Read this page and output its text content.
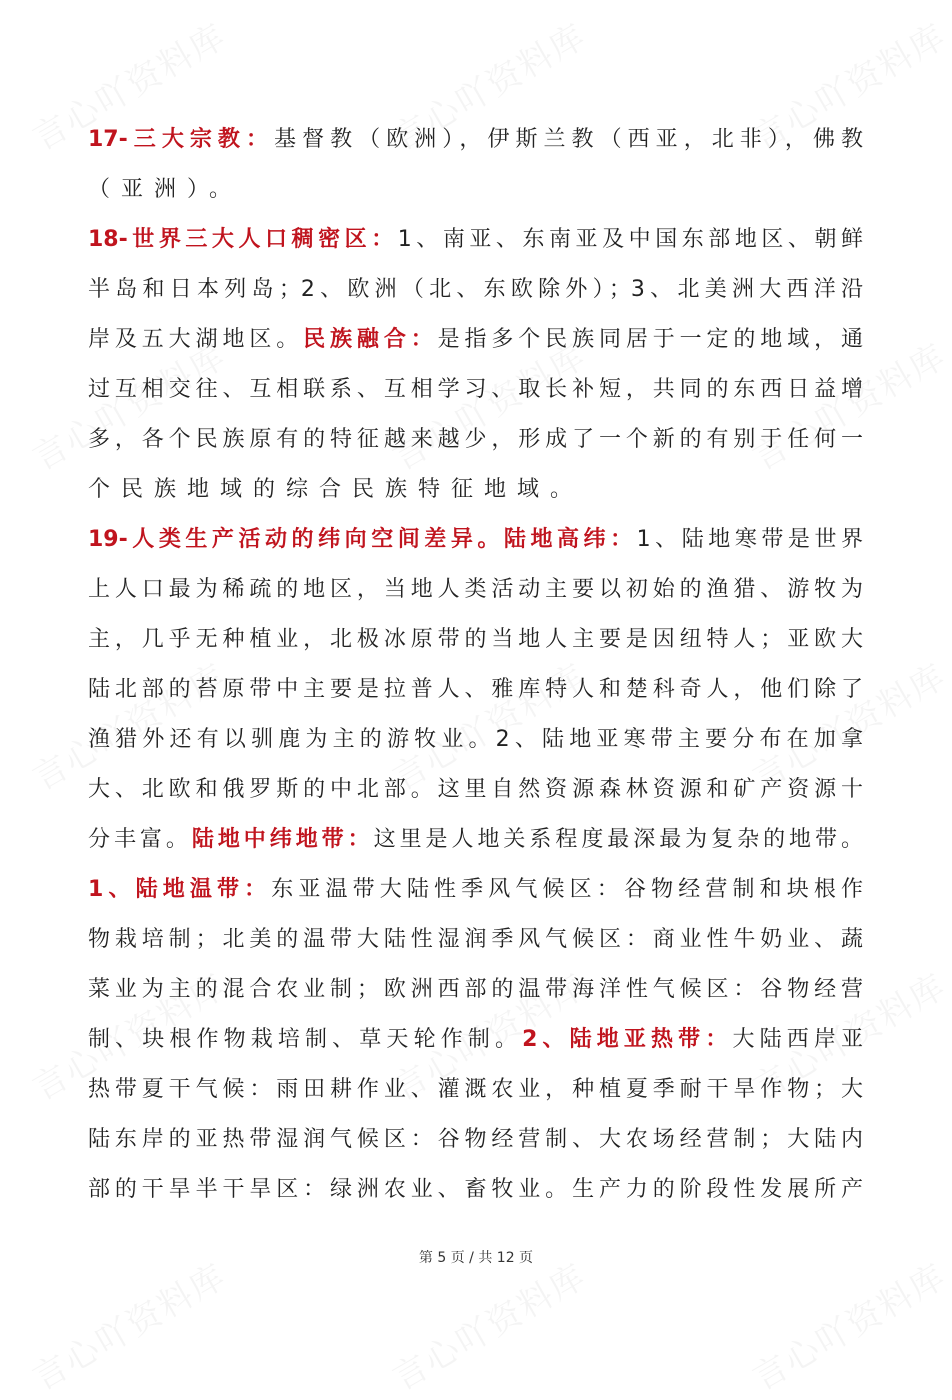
17-三大宗教：基督教（欧洲），伊斯兰教（西亚，北非），佛教
（亚洲）。
18-世界三大人口稠密区：1、南亚、东南亚及中国东部地区、朝鲜
半岛和日本列岛；2、欧洲（北、东欧除外）；3、北美洲大西洋沿
岸及五大湖地区。民族融合：是指多个民族同居于一定的地域，通
过互相交往、互相联系、互相学习、取长补短，共同的东西日益增
多，各个民族原有的特征越来越少，形成了一个新的有别于任何一
个民族地域的综合民族特征地域。
19-人类生产活动的纬向空间差异。陆地高纬：1、陆地寒带是世界
上人口最为稀疏的地区，当地人类活动主要以初始的渔猎、游牧为
主，几乎无种植业，北极冰原带的当地人主要是因纽特人；亚欧大
陆北部的苔原带中主要是拉普人、雅库特人和楚科奇人，他们除了
渔猎外还有以驯鹿为主的游牧业。2、陆地亚寒带主要分布在加拿
大、北欧和俄罗斯的中北部。这里自然资源森林资源和矿产资源十
分丰富。陆地中纬地带：这里是人地关系程度最深最为复杂的地带。
1、陆地温带：东亚温带大陆性季风气候区：谷物经营制和块根作
物栽培制；北美的温带大陆性湿润季风气候区：商业性牛奶业、蔬
菜业为主的混合农业制；欧洲西部的温带海洋性气候区：谷物经营
制、块根作物栽培制、草天轮作制。2、陆地亚热带：大陆西岸亚
热带夏干气候：雨田耕作业、灌溉农业，种植夏季耐干旱作物；大
陆东岸的亚热带湿润气候区：谷物经营制、大农场经营制；大陆内
部的干旱半干旱区：绿洲农业、畜牧业。生产力的阶段性发展所产
第 5 页 / 共 12 页
